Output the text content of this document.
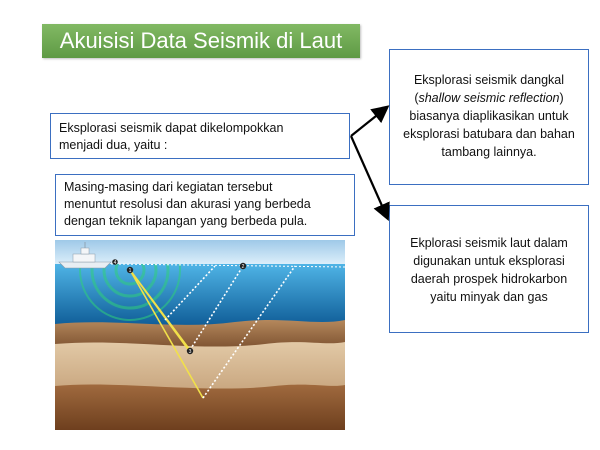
Akuisisi Data Seismik di Laut
Eksplorasi seismik dapat dikelompokkan
menjadi dua, yaitu :
Masing-masing dari kegiatan tersebut
menuntut resolusi dan akurasi yang berbeda
dengan teknik lapangan yang berbeda pula.
Eksplorasi seismik dangkal
(shallow seismic reflection)
biasanya diaplikasikan untuk
eksplorasi batubara dan bahan
tambang lainnya.
Ekplorasi seismik laut dalam
digunakan untuk eksplorasi
daerah prospek hidrokarbon
yaitu minyak dan gas
1
2
3
4
